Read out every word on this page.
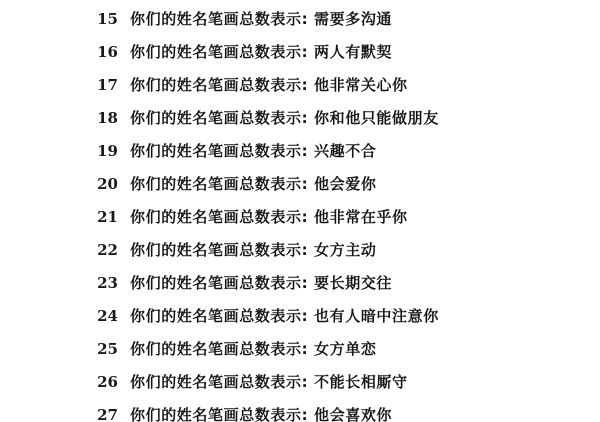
15 你们的姓名笔画总数表示: 需要多沟通
16 你们的姓名笔画总数表示: 两人有默契
17 你们的姓名笔画总数表示: 他非常关心你
18 你们的姓名笔画总数表示: 你和他只能做朋友
19 你们的姓名笔画总数表示: 兴趣不合
20 你们的姓名笔画总数表示: 他会爱你
21 你们的姓名笔画总数表示: 他非常在乎你
22 你们的姓名笔画总数表示: 女方主动
23 你们的姓名笔画总数表示: 要长期交往
24 你们的姓名笔画总数表示: 也有人暗中注意你
25 你们的姓名笔画总数表示: 女方单恋
26 你们的姓名笔画总数表示: 不能长相厮守
27 你们的姓名笔画总数表示: 他会喜欢你
